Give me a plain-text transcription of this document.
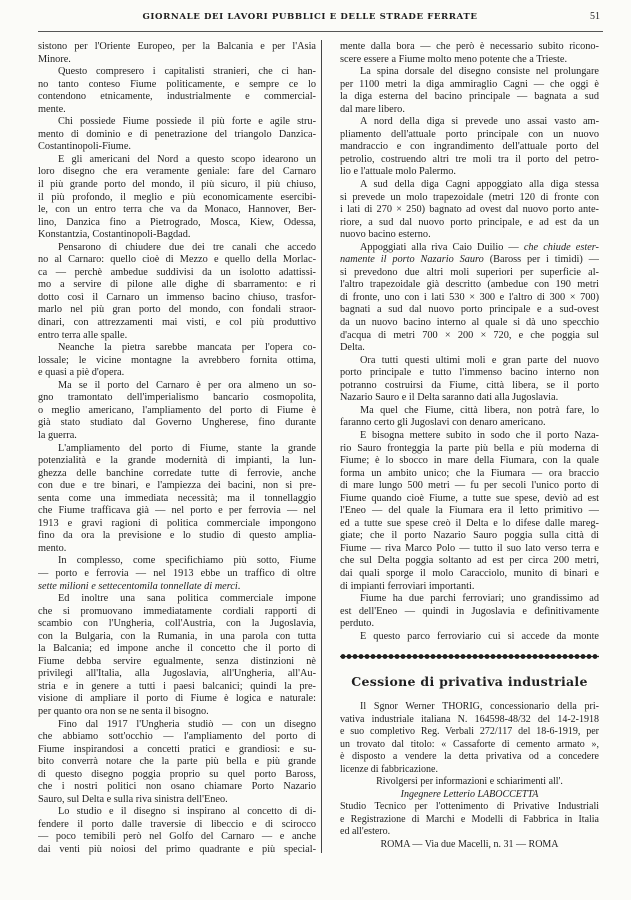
GIORNALE DEI LAVORI PUBBLICI E DELLE STRADE FERRATE	51
sistono per l'Oriente Europeo, per la Balcania e per l'Asia
Minore.
Questo compresero i capitalisti stranieri, che ci han-
no tanto conteso Fiume politicamente, e sempre ce lo
contendono etnicamente, industrialmente e commercial-
mente.
Chi possiede Fiume possiede il più forte e agile stru-
mento di dominio e di penetrazione del triangolo Danzica-
Costantinopoli-Fiume.
E gli americani del Nord a questo scopo idearono un
loro disegno che era veramente geniale: fare del Carnaro
il più grande porto del mondo, il più sicuro, il più chiuso,
il più profondo, il meglio e più economicamente esercibi-
le, con un entro terra che va da Monaco, Hannover, Ber-
lino, Danzica fino a Pietrogrado, Mosca, Kiew, Odessa,
Konstantzia, Costantinopoli-Bagdad.
Pensarono di chiudere due dei tre canali che accedo
no al Carnaro: quello cioè di Mezzo e quello della Morlac-
ca — perchè ambedue suddivisi da un isolotto adattissi-
mo a servire di pilone alle dighe di sbarramento: e ri
dotto così il Carnaro un immenso bacino chiuso, trasfor-
marlo nel più gran porto del mondo, con fondali straor-
dinari, con attrezzamenti mai visti, e col più produttivo
entro terra alle spalle.
Neanche la pietra sarebbe mancata per l'opera co-
lossale; le vicine montagne la avrebbero fornita ottima,
e quasi a piè d'opera.
Ma se il porto del Carnaro è per ora almeno un so-
gno tramontato dell'imperialismo bancario cosmopolita,
o meglio americano, l'ampliamento del porto di Fiume è
già stato studiato dal Governo Ungherese, fino durante
la guerra.
L'ampliamento del porto di Fiume, stante la grande
potenzialità e la grande modernità di impianti, la lun-
ghezza delle banchine corredate tutte di ferrovie, anche
con due e tre binari, e l'ampiezza dei bacini, non si pre-
senta come una immediata necessità; ma il tonnellaggio
che Fiume trafficava già — nel porto e per ferrovia — nel
1913 e gravi ragioni di politica commerciale impongono
fino da ora la previsione e lo studio di questo amplia-
mento.
In complesso, come specifichiamo più sotto, Fiume
— porto e ferrovia — nel 1913 ebbe un traffico di oltre
sette milioni e settecentomila tonnellate di merci.
Ed inoltre una sana politica commerciale impone
che si promuovano immediatamente cordiali rapporti di
scambio con l'Ungheria, coll'Austria, con la Jugoslavia,
con la Bulgaria, con la Rumania, in una parola con tutta
la Balcania; ed impone anche il concetto che il porto di
Fiume debba servire egualmente, senza distinzioni nè
privilegi all'Italia, alla Jugoslavia, all'Ungheria, all'Au-
stria e in genere a tutti i paesi balcanici; quindi la pre-
visione di ampliare il porto di Fiume è logica e naturale:
per quanto ora non se ne senta il bisogno.
Fino dal 1917 l'Ungheria studiò — con un disegno
che abbiamo sott'occhio — l'ampliamento del porto di
Fiume inspirandosi a concetti pratici e grandiosi: e su-
bito converrà notare che la parte più bella e più grande
di questo disegno poggia proprio su quel porto Baross,
che i nostri politici non osano chiamare Porto Nazario
Sauro, sul Delta e sulla riva sinistra dell'Eneo.
Lo studio e il disegno si inspirano al concetto di di-
fendere il porto dalle traversie di libeccio e di scirocco
— poco temibili però nel Golfo del Carnaro — e anche
dai venti più noiosi del primo quadrante e più special-
mente dalla bora — che però è necessario subito ricono-
scere essere a Fiume molto meno potente che a Trieste.
La spina dorsale del disegno consiste nel prolungare
per 1100 metri la diga ammiraglio Cagni — che oggi è
la diga esterna del bacino principale — bagnata a sud
dal mare libero.
A nord della diga si prevede uno assai vasto am-
pliamento dell'attuale porto principale con un nuovo
mandraccio e con ingrandimento dell'attuale porto del
petrolio, costruendo altri tre moli tra il porto del petro-
lio e l'attuale molo Palermo.
A sud della diga Cagni appoggiato alla diga stessa
si prevede un molo trapezoidale (metri 120 di fronte con
i lati di 270 × 250) bagnato ad ovest dal nuovo porto ante-
riore, a sud dal nuovo porto principale, e ad est da un
nuovo bacino esterno.
Appoggiati alla riva Caio Duilio — che chiude ester-
namente il porto Nazario Sauro (Baross per i timidi) —
si prevedono due altri moli superiori per superficie al-
l'altro trapezoidale già descritto (ambedue con 190 metri
di fronte, uno con i lati 530 × 300 e l'altro di 300 × 700)
bagnati a sud dal nuovo porto principale e a sud-ovest
da un nuovo bacino interno al quale si dà uno specchio
d'acqua di metri 700 × 200 × 720, e che poggia sul
Delta.
Ora tutti questi ultimi moli e gran parte del nuovo
porto principale e tutto l'immenso bacino interno non
potranno costruirsi da Fiume, città libera, se il porto
Nazario Sauro e il Delta saranno dati alla Jugoslavia.
Ma quel che Fiume, città libera, non potrà fare, lo
faranno certo gli Jugoslavi con denaro americano.
E bisogna mettere subito in sodo che il porto Naza-
rio Sauro fronteggia la parte più bella e più moderna di
Fiume; è lo sbocco in mare della Fiumara, con la quale
forma un ambito unico; che la Fiumara — ora braccio
di mare lungo 500 metri — fu per secoli l'unico porto di
Fiume quando cioè Fiume, a tutte sue spese, deviò ad est
l'Eneo — del quale la Fiumara era il letto primitivo —
ed a tutte sue spese creò il Delta e lo difese dalle mareg-
giate; che il porto Nazario Sauro poggia sulla città di
Fiume — riva Marco Polo — tutto il suo lato verso terra e
che sul Delta poggia soltanto ad est per circa 200 metri,
dai quali sporge il molo Caracciolo, munito di binari e
di impianti ferroviari importanti.
Fiume ha due parchi ferroviari; uno grandissimo ad
est dell'Eneo — quindi in Jugoslavia e definitivamente
perduto.
E questo parco ferroviario cui si accede da monte
Cessione di privativa industriale
Il Sgnor Werner THORIG, concessionario della pri-
vativa industriale italiana N. 164598-48/32 del 14-2-1918
e suo completivo Reg. Verbali 272/117 del 18-6-1919, per
un trovato dal titolo: « Cassaforte di cemento armato »,
è disposto a vendere la detta privativa od a concedere
licenze di fabbricazione.
Rivolgersi per informazioni e schiarimenti all'.
Ingegnere Letterio LABOCCETTA
Studio Tecnico per l'ottenimento di Privative Industriali
e Registrazione di Marchi e Modelli di Fabbrica in Italia
ed all'estero.
ROMA — Via due Macelli, n. 31 — ROMA
